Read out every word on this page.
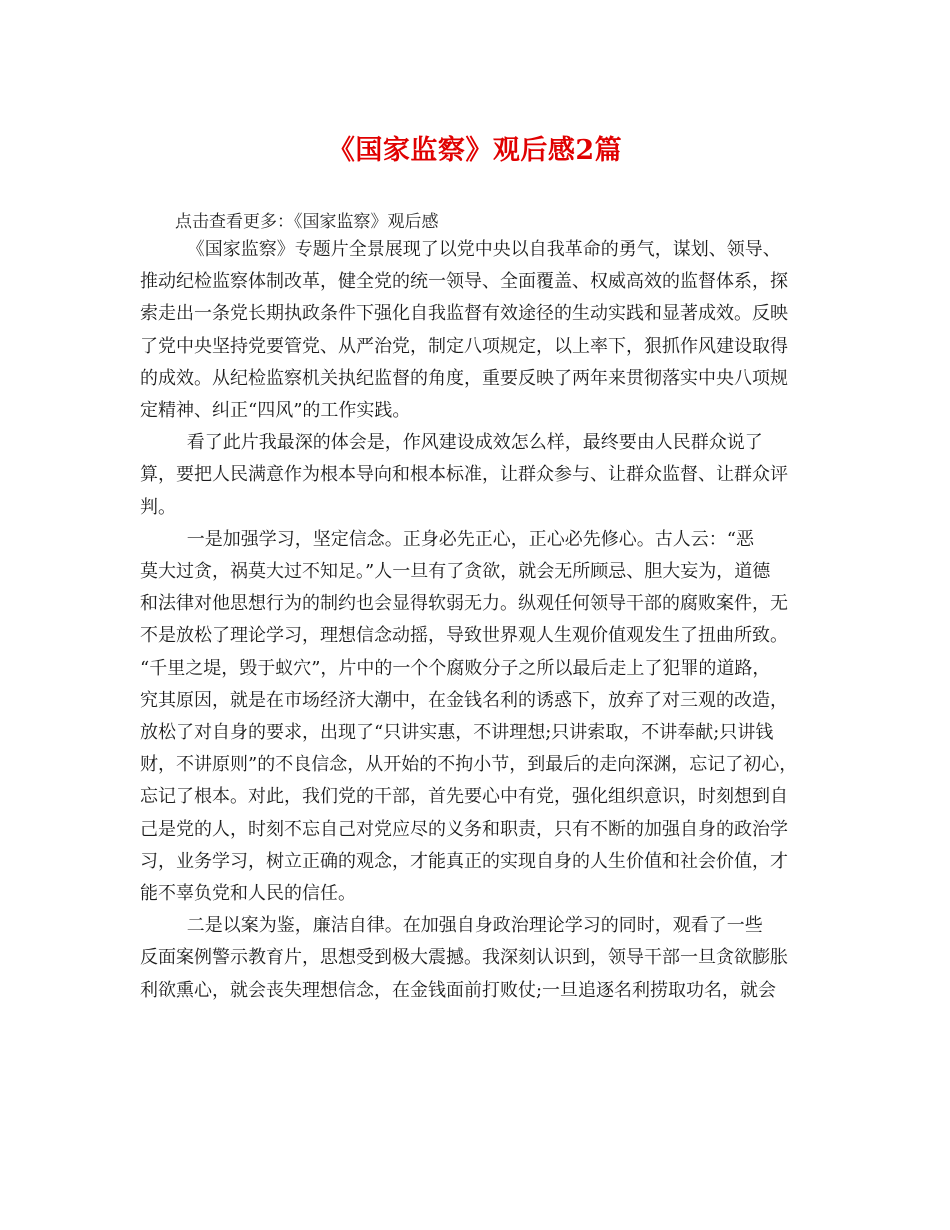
《国家监察》观后感2篇
点击查看更多：《国家监察》观后感

《国家监察》专题片全景展现了以党中央以自我革命的勇气，谋划、领导、
推动纪检监察体制改革，健全党的统一领导、全面覆盖、权威高效的监督体系，探
索走出一条党长期执政条件下强化自我监督有效途径的生动实践和显著成效。反映
了党中央坚持党要管党、从严治党，制定八项规定，以上率下，狠抓作风建设取得
的成效。从纪检监察机关执纪监督的角度，重要反映了两年来贯彻落实中央八项规
定精神、纠正“四风”的工作实践。

看了此片我最深的体会是，作风建设成效怎么样，最终要由人民群众说了
算，要把人民满意作为根本导向和根本标准，让群众参与、让群众监督、让群众评
判。

一是加强学习，坚定信念。正身必先正心，正心必先修心。古人云：“恶
莫大过贪，祸莫大过不知足。”人一旦有了贪欲，就会无所顾忌、胆大妄为，道德
和法律对他思想行为的制约也会显得软弱无力。纵观任何领导干部的腐败案件，无
不是放松了理论学习，理想信念动摇，导致世界观人生观价值观发生了扭曲所致。
“千里之堤，毁于蚁穴”，片中的一个个腐败分子之所以最后走上了犯罪的道路，
究其原因，就是在市场经济大潮中，在金钱名利的诱惑下，放弃了对三观的改造，
放松了对自身的要求，出现了“只讲实惠，不讲理想;只讲索取，不讲奉献;只讲钱
财，不讲原则”的不良信念，从开始的不拘小节，到最后的走向深渊，忘记了初心，
忘记了根本。对此，我们党的干部，首先要心中有党，强化组织意识，时刻想到自
己是党的人，时刻不忘自己对党应尽的义务和职责，只有不断的加强自身的政治学
习，业务学习，树立正确的观念，才能真正的实现自身的人生价值和社会价值，才
能不辜负党和人民的信任。

二是以案为鉴，廉洁自律。在加强自身政治理论学习的同时，观看了一些
反面案例警示教育片，思想受到极大震撼。我深刻认识到，领导干部一旦贪欲膨胀
利欲熏心，就会丧失理想信念，在金钱面前打败仗;一旦追逐名利捞取功名，就会
